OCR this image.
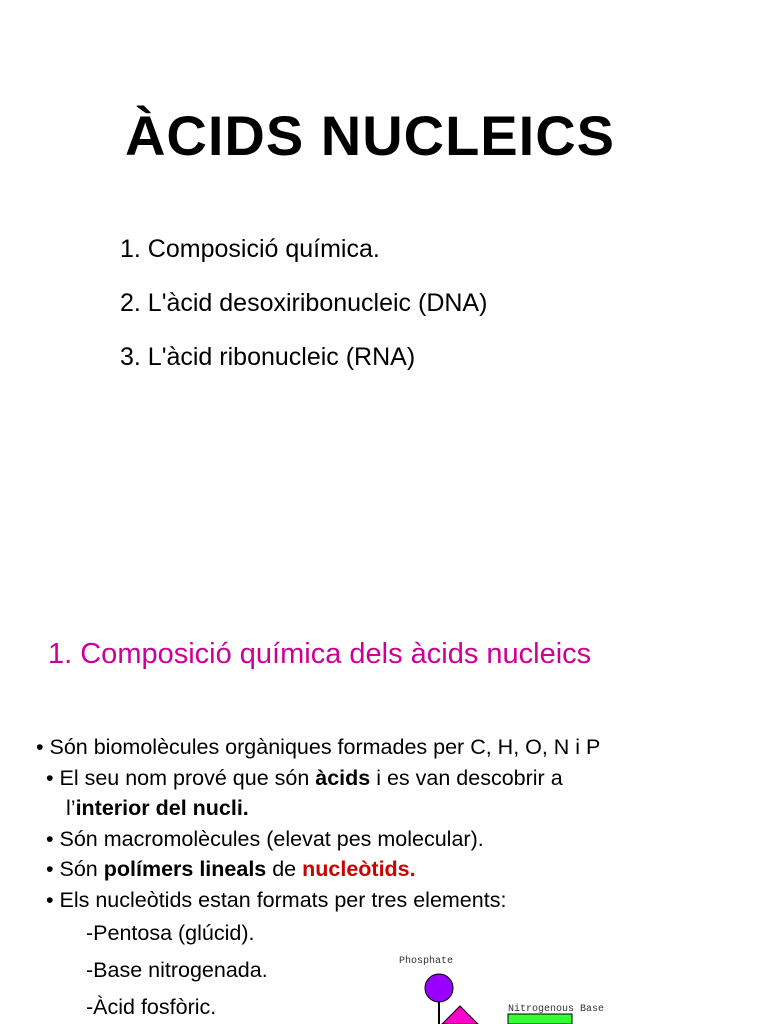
ÀCIDS NUCLEICS
1. Composició química.
2. L'àcid desoxiribonucleic (DNA)
3. L'àcid ribonucleic (RNA)
1. Composició química dels àcids nucleics
• Són biomolècules orgàniques formades per C, H, O, N i P
• El seu nom prové que són àcids i es van descobrir a
l’interior del nucli.
• Són macromolècules (elevat pes molecular).
• Són polímers lineals de nucleòtids.
• Els nucleòtids estan formats per tres elements:
-Pentosa (glúcid).
-Base nitrogenada.
-Àcid fosfòric.
Phosphate
Nitrogenous Base
